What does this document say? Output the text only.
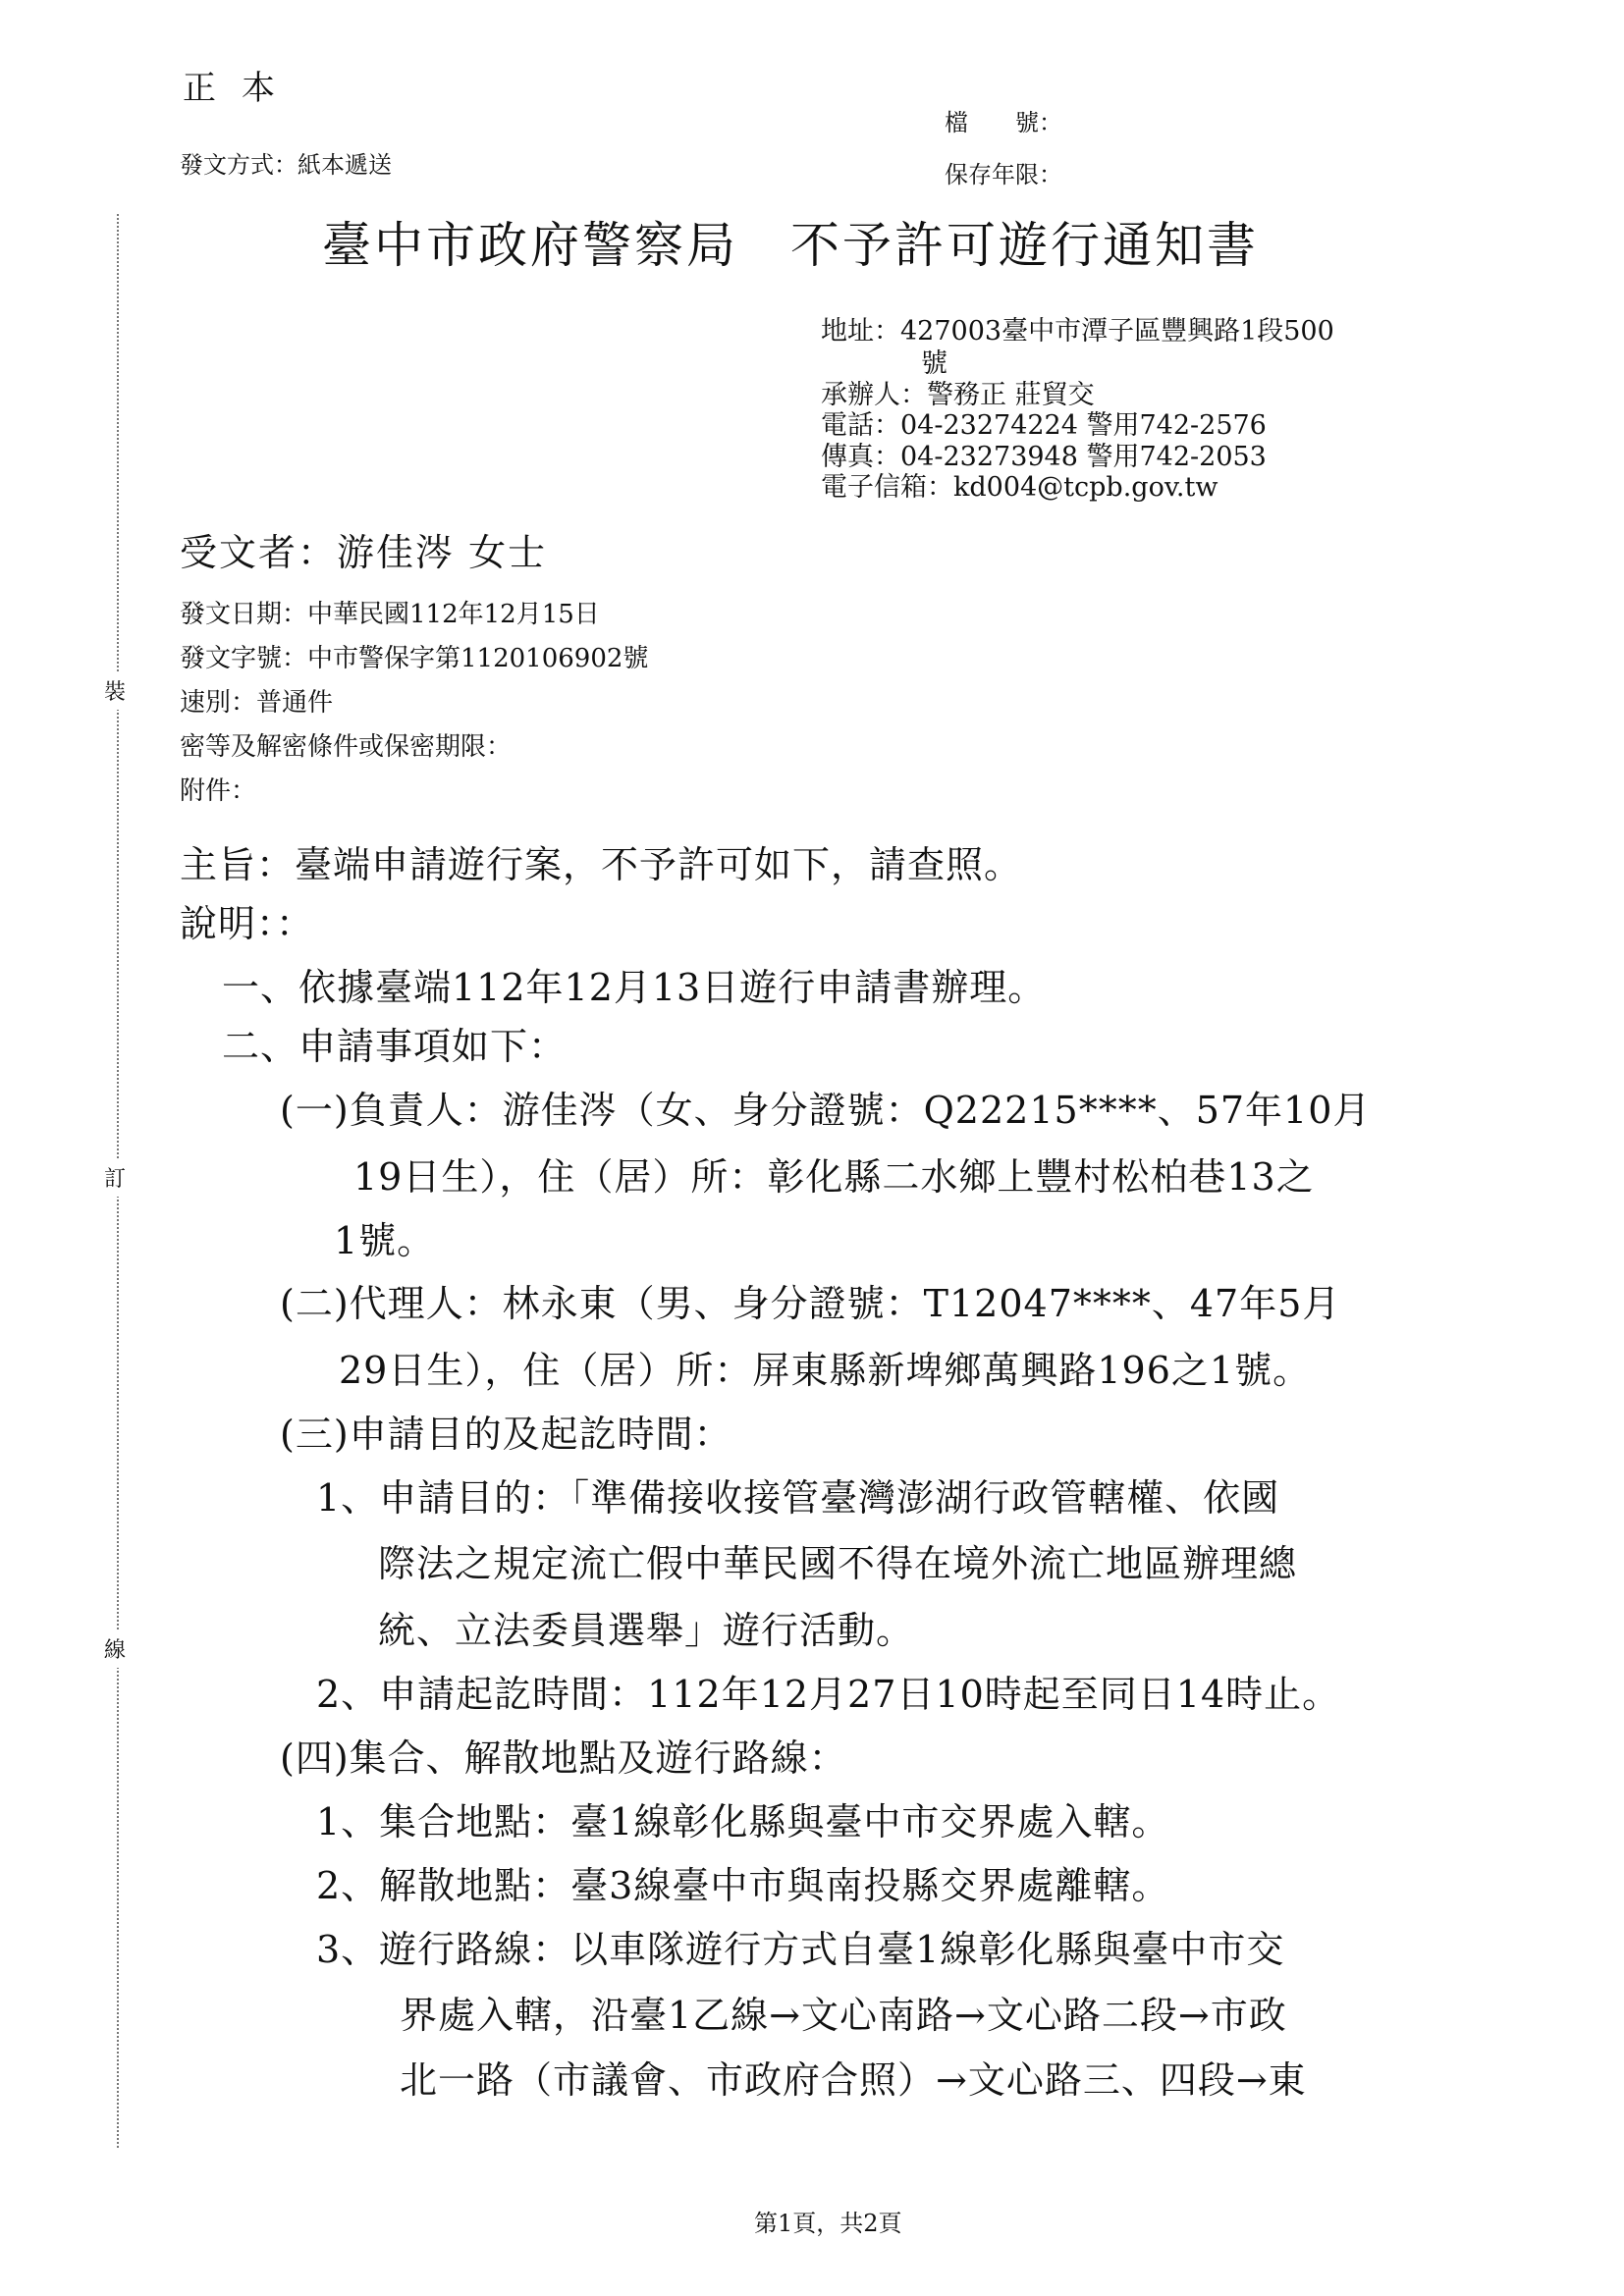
裝
訂
線
正本
發文方式：紙本遞送
檔　　號：
保存年限：
臺中市政府警察局　不予許可遊行通知書
地址：427003臺中市潭子區豐興路1段500
號
承辦人：警務正 莊貿交
電話：04-23274224 警用742-2576
傳真：04-23273948 警用742-2053
電子信箱：kd004@tcpb.gov.tw
受文者：游佳涔 女士
發文日期：中華民國112年12月15日
發文字號：中市警保字第1120106902號
速別：普通件
密等及解密條件或保密期限：
附件：
主旨：臺端申請遊行案，不予許可如下，請查照。
說明：：
一、依據臺端112年12月13日遊行申請書辦理。
二、申請事項如下：
(一)負責人：游佳涔（女、身分證號：Q22215****、57年10月
19日生），住（居）所：彰化縣二水鄉上豐村松柏巷13之
1號。
(二)代理人：林永東（男、身分證號：T12047****、47年5月
29日生），住（居）所：屏東縣新埤鄉萬興路196之1號。
(三)申請目的及起訖時間：
1、申請目的：「準備接收接管臺灣澎湖行政管轄權、依國
際法之規定流亡假中華民國不得在境外流亡地區辦理總
統、立法委員選舉」遊行活動。
2、申請起訖時間：112年12月27日10時起至同日14時止。
(四)集合、解散地點及遊行路線：
1、集合地點：臺1線彰化縣與臺中市交界處入轄。
2、解散地點：臺3線臺中市與南投縣交界處離轄。
3、遊行路線：以車隊遊行方式自臺1線彰化縣與臺中市交
界處入轄，沿臺1乙線→文心南路→文心路二段→市政
北一路（市議會、市政府合照）→文心路三、四段→東
第1頁，共2頁
